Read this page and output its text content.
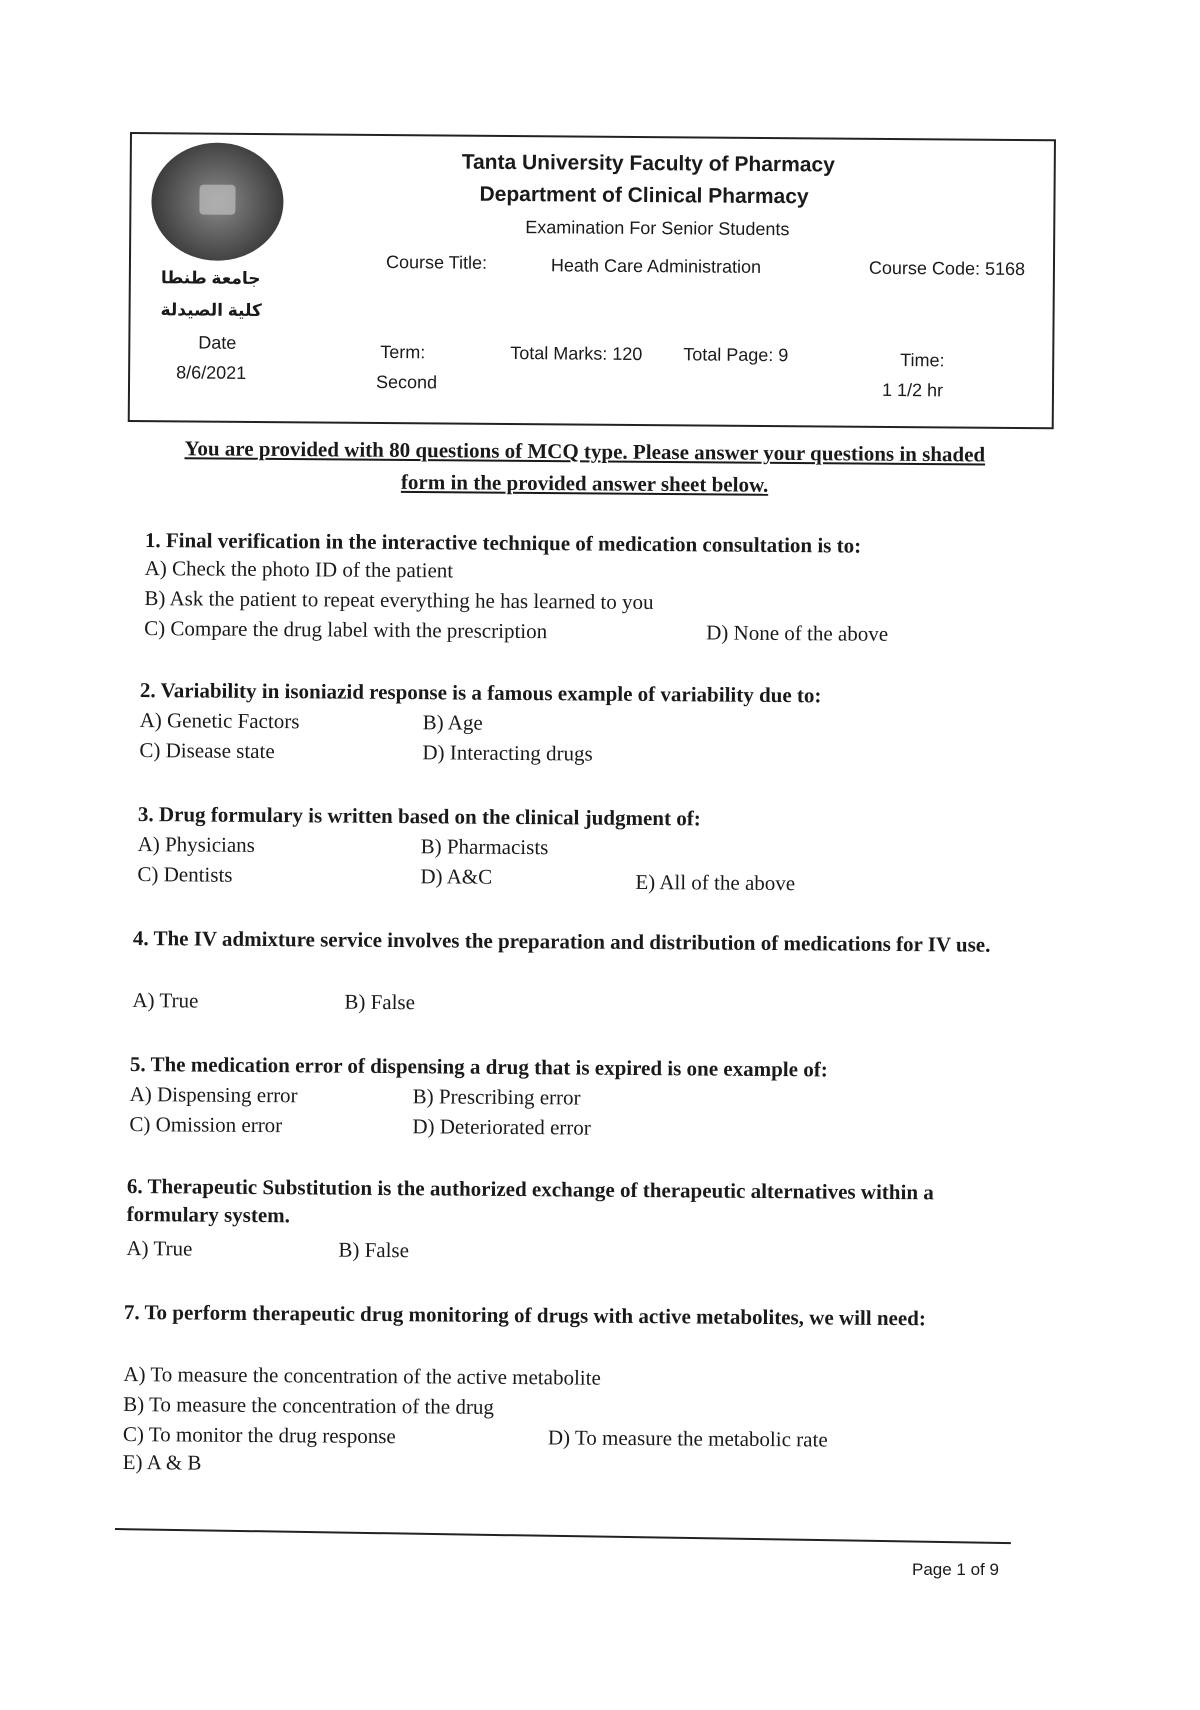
Tanta University Faculty of Pharmacy
Department of Clinical Pharmacy
Examination For Senior Students
جامعة طنطا
كلية الصيدلة
Course Title:	Heath Care Administration	Course Code: 5168
Date
8/6/2021
Term:
Second
Total Marks: 120 Total Page: 9	Time:
1 1/2 hr
You are provided with 80 questions of MCQ type. Please answer your questions in shaded form in the provided answer sheet below.
1. Final verification in the interactive technique of medication consultation is to:
A) Check the photo ID of the patient
B) Ask the patient to repeat everything he has learned to you
C) Compare the drug label with the prescription	D) None of the above
2. Variability in isoniazid response is a famous example of variability due to:
A) Genetic Factors	B) Age
C) Disease state	D) Interacting drugs
3. Drug formulary is written based on the clinical judgment of:
A) Physicians	B) Pharmacists
C) Dentists	D) A&C	E) All of the above
4. The IV admixture service involves the preparation and distribution of medications for IV use.
A) True	B) False
5. The medication error of dispensing a drug that is expired is one example of:
A) Dispensing error	B) Prescribing error
C) Omission error	D) Deteriorated error
6. Therapeutic Substitution is the authorized exchange of therapeutic alternatives within a formulary system.
A) True	B) False
7. To perform therapeutic drug monitoring of drugs with active metabolites, we will need:
A) To measure the concentration of the active metabolite
B) To measure the concentration of the drug
C) To monitor the drug response	D) To measure the metabolic rate
E) A & B
Page 1 of 9
